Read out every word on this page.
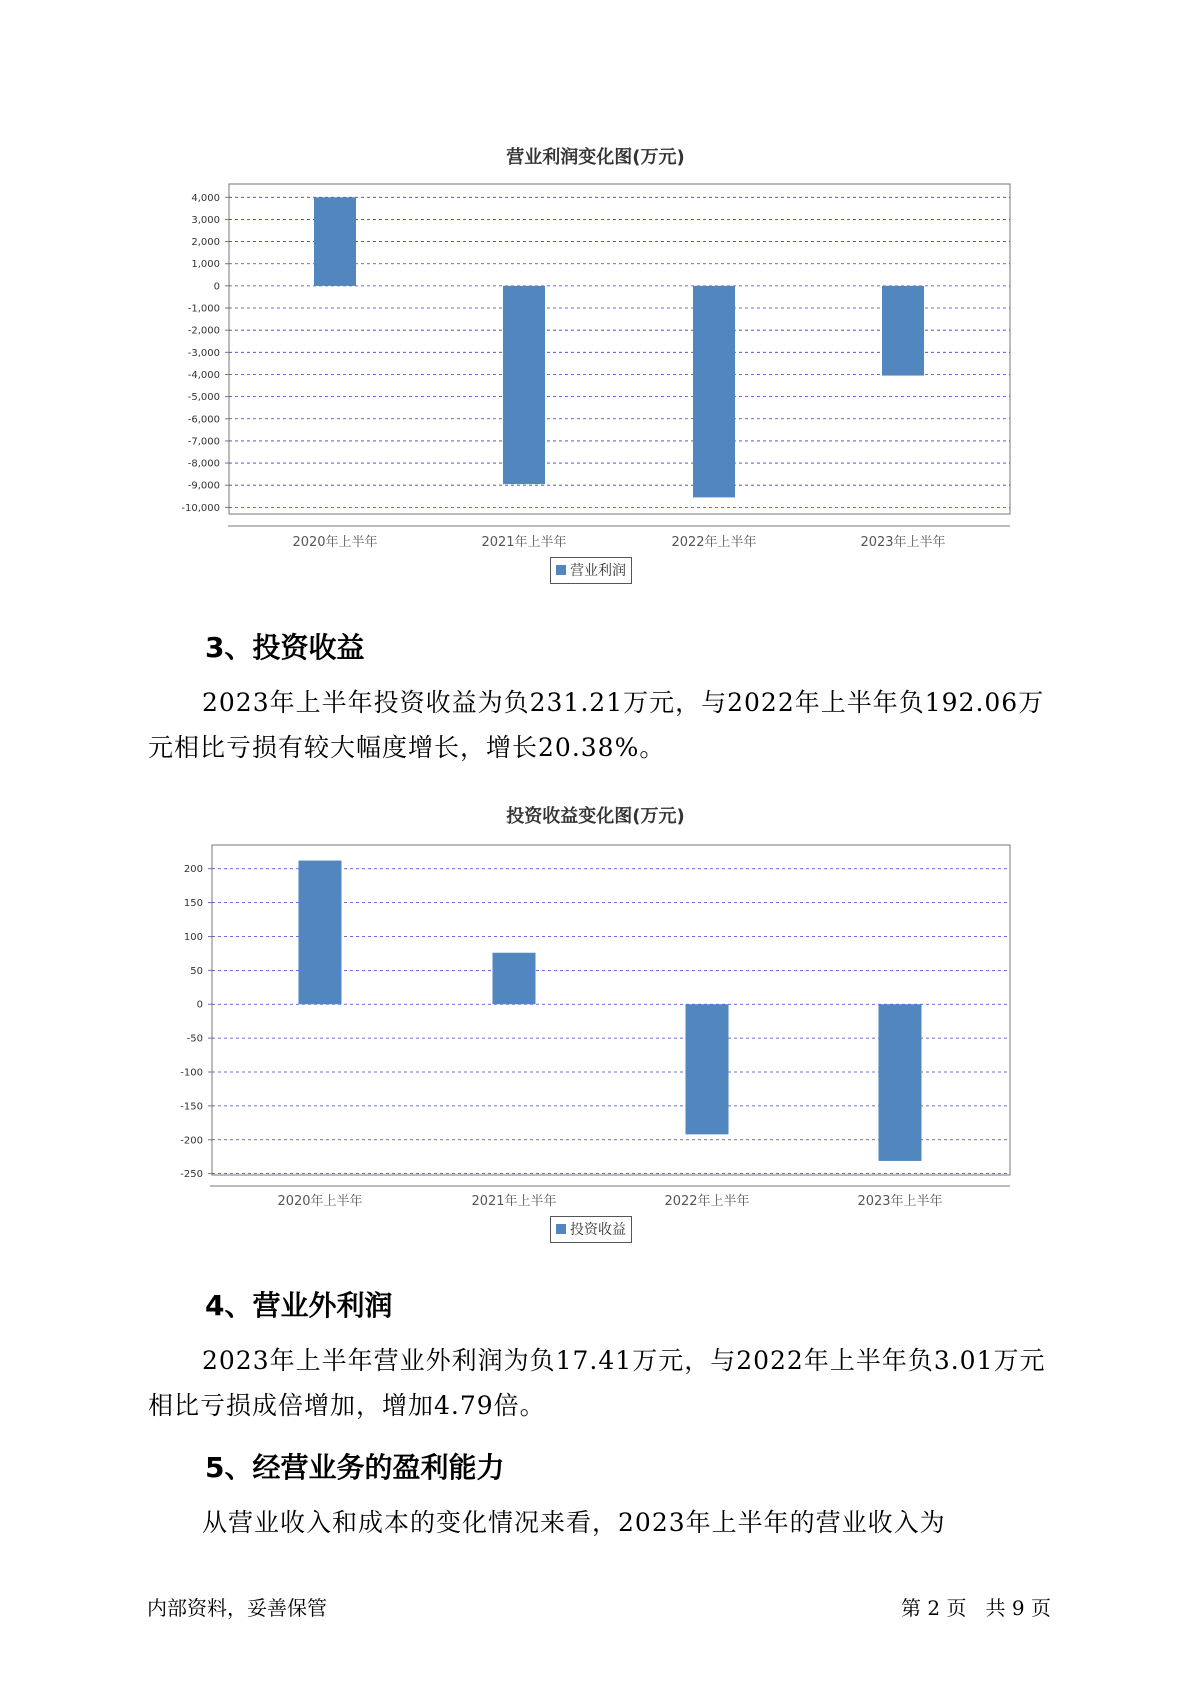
营业利润变化图(万元)
4,000
3,000
2,000
1,000
0
-1,000
-2,000
-3,000
-4,000
-5,000
-6,000
-7,000
-8,000
-9,000
-10,000
2020年上半年	2021年上半年	2022年上半年	2023年上半年
营业利润
3、投资收益
2023年上半年投资收益为负231.21万元，与2022年上半年负192.06万
元相比亏损有较大幅度增长，增长20.38%。
投资收益变化图(万元)
200
150
100
50
0
-50
-100
-150
-200
-250
2020年上半年	2021年上半年	2022年上半年	2023年上半年
投资收益
4、营业外利润
2023年上半年营业外利润为负17.41万元，与2022年上半年负3.01万元
相比亏损成倍增加，增加4.79倍。
5、经营业务的盈利能力
从营业收入和成本的变化情况来看，2023年上半年的营业收入为
内部资料，妥善保管	第 2 页   共 9 页
